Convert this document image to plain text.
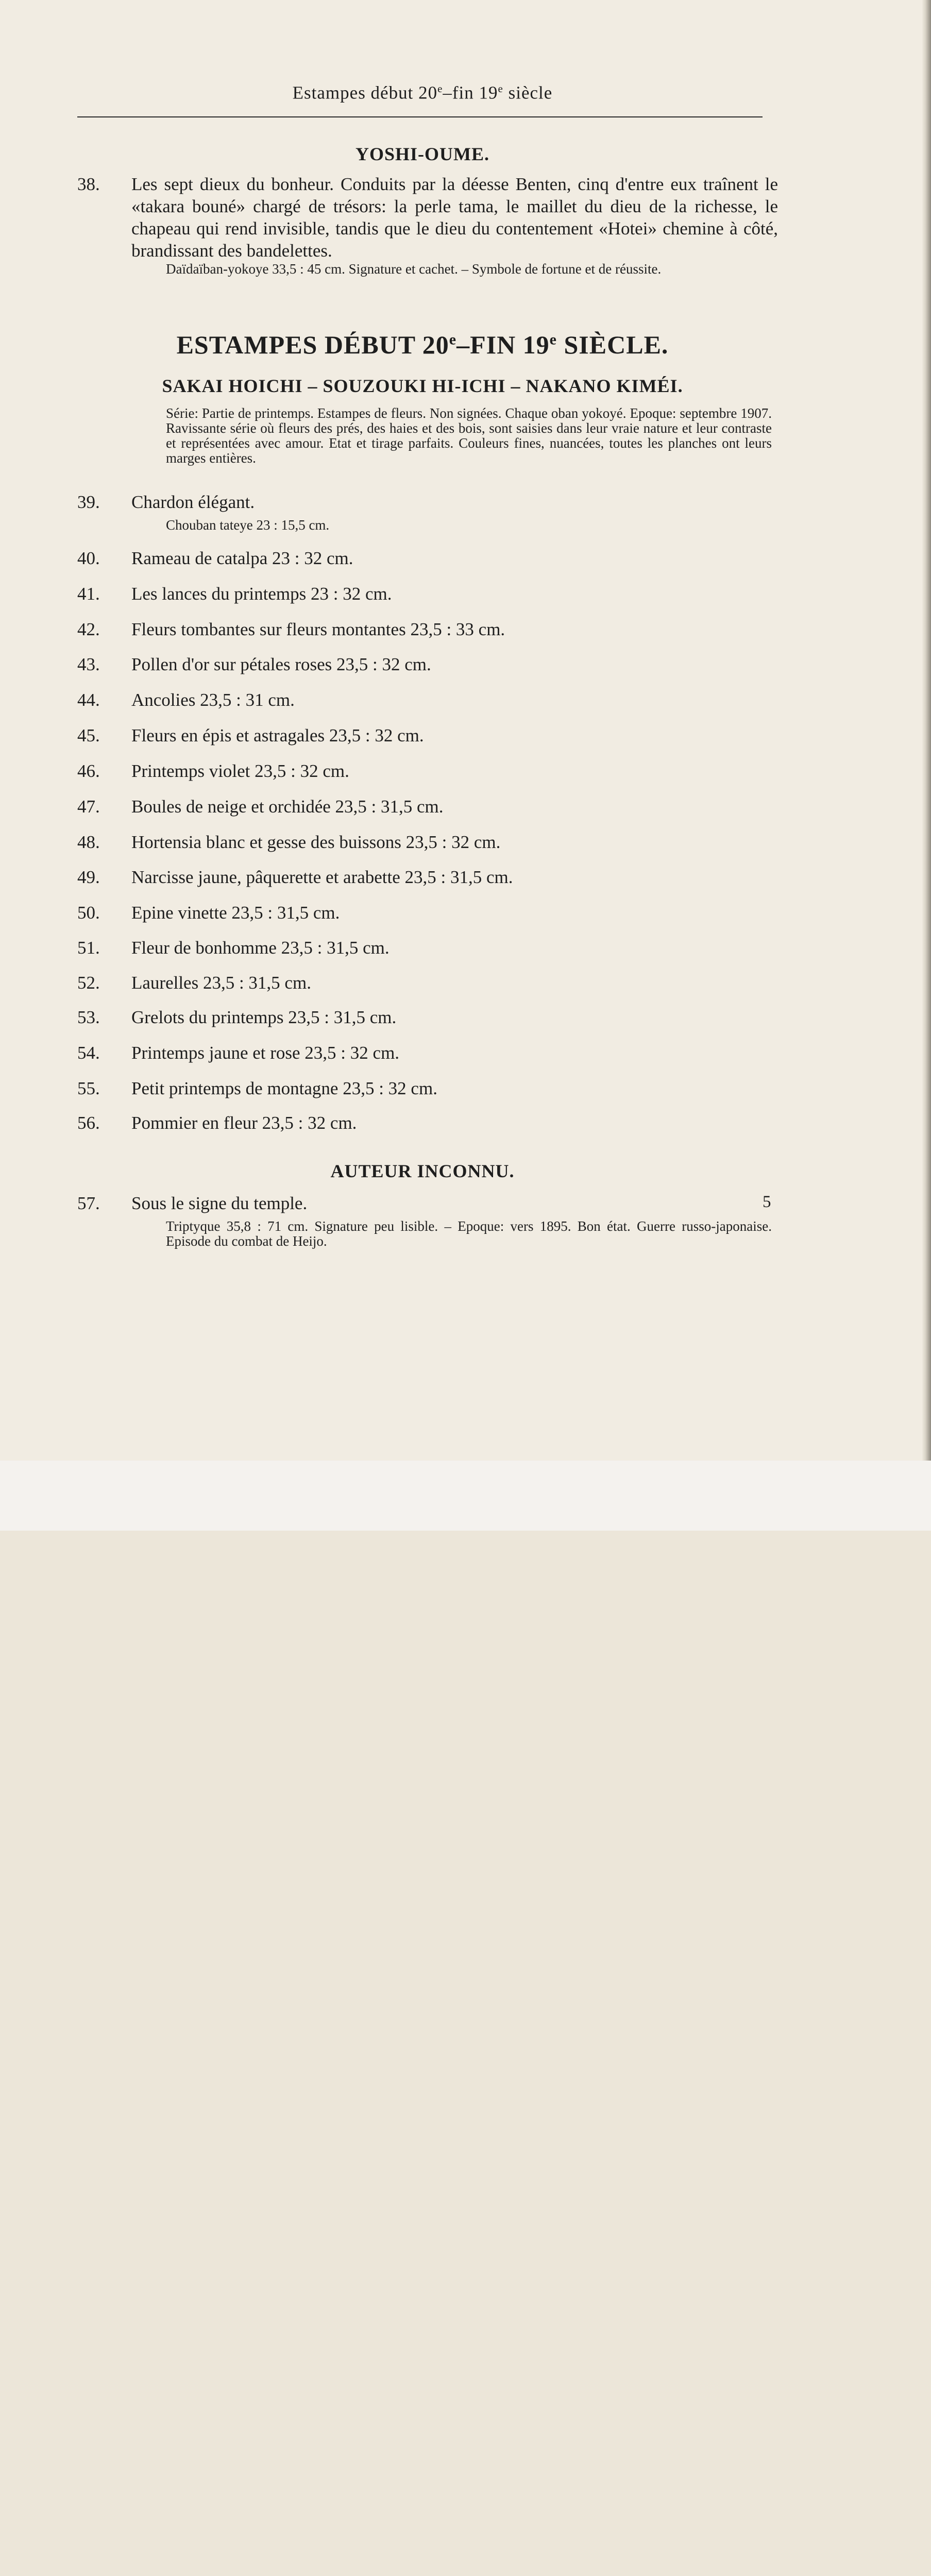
Estampes début 20e–fin 19e siècle
YOSHI-OUME.
38. Les sept dieux du bonheur. Conduits par la déesse Benten, cinq d'entre eux traînent le «takara bouné» chargé de trésors: la perle tama, le maillet du dieu de la richesse, le chapeau qui rend invisible, tandis que le dieu du contentement «Hotei» chemine à côté, brandissant des bandelettes.
Daïdaïban-yokoye 33,5 : 45 cm. Signature et cachet. – Symbole de fortune et de réussite.
ESTAMPES DÉBUT 20e–FIN 19e SIÈCLE.
SAKAI HOICHI – SOUZOUKI HI-ICHI – NAKANO KIMÉI.
Série: Partie de printemps. Estampes de fleurs. Non signées. Chaque oban yokoyé. Epoque: septembre 1907. Ravissante série où fleurs des prés, des haies et des bois, sont saisies dans leur vraie nature et leur contraste et représentées avec amour. Etat et tirage parfaits. Couleurs fines, nuancées, toutes les planches ont leurs marges entières.
39. Chardon élégant.
40. Rameau de catalpa 23 : 32 cm.
41. Les lances du printemps 23 : 32 cm.
42. Fleurs tombantes sur fleurs montantes 23,5 : 33 cm.
43. Pollen d'or sur pétales roses 23,5 : 32 cm.
44. Ancolies 23,5 : 31 cm.
45. Fleurs en épis et astragales 23,5 : 32 cm.
46. Printemps violet 23,5 : 32 cm.
47. Boules de neige et orchidée 23,5 : 31,5 cm.
48. Hortensia blanc et gesse des buissons 23,5 : 32 cm.
49. Narcisse jaune, pâquerette et arabette 23,5 : 31,5 cm.
50. Epine vinette 23,5 : 31,5 cm.
51. Fleur de bonhomme 23,5 : 31,5 cm.
52. Laurelles 23,5 : 31,5 cm.
53. Grelots du printemps 23,5 : 31,5 cm.
54. Printemps jaune et rose 23,5 : 32 cm.
55. Petit printemps de montagne 23,5 : 32 cm.
56. Pommier en fleur 23,5 : 32 cm.
Chouban tateye 23 : 15,5 cm.
AUTEUR INCONNU.
57. Sous le signe du temple.
Triptyque 35,8 : 71 cm. Signature peu lisible. – Epoque: vers 1895. Bon état. Guerre russo-japonaise. Episode du combat de Heijo.
5
